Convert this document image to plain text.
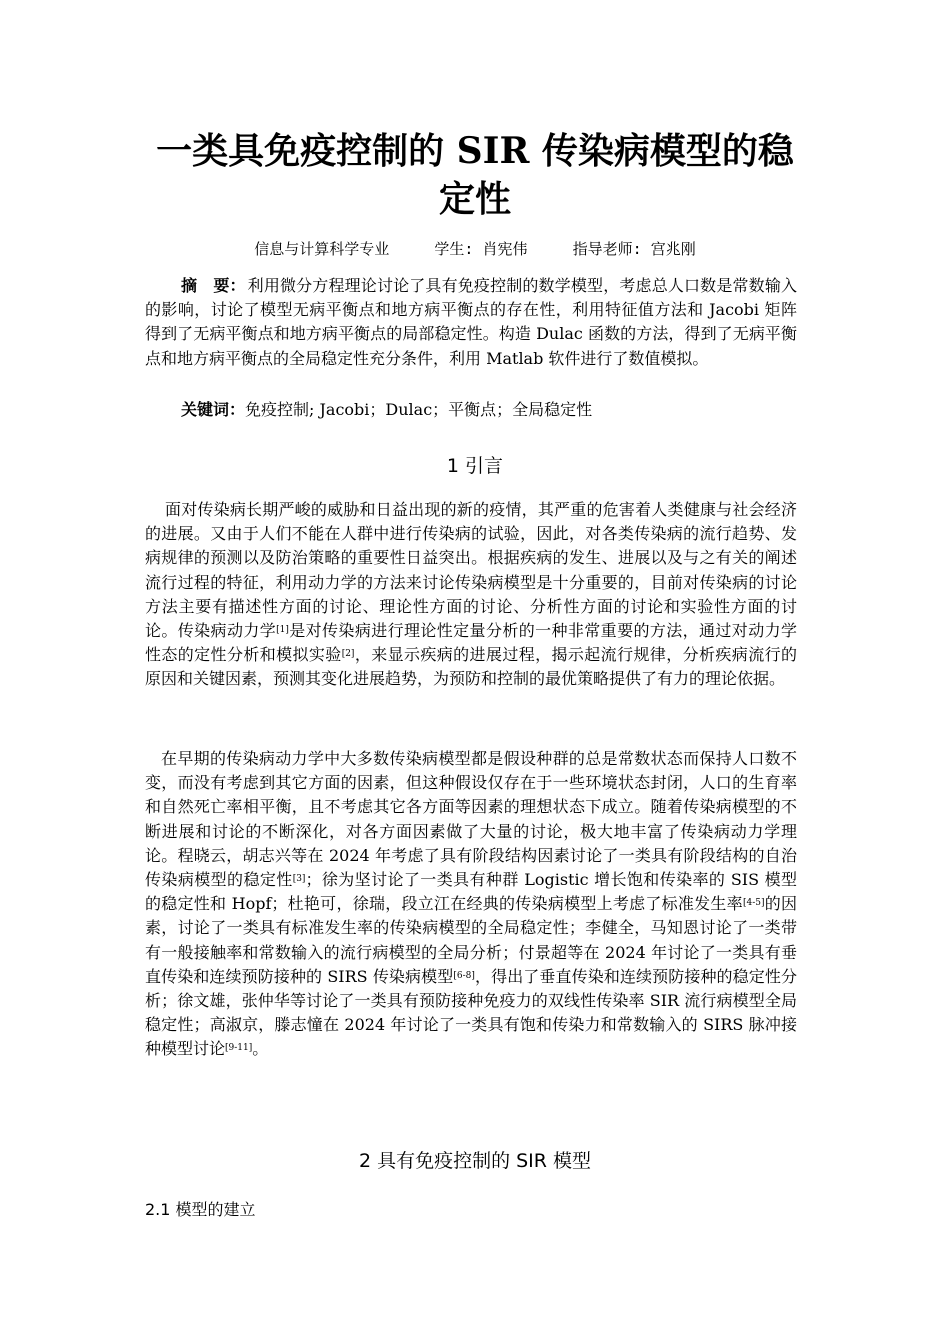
一类具免疫控制的 SIR 传染病模型的稳定性
信息与计算科学专业     学生: 肖宪伟     指导老师: 宫兆刚

摘　要： 利用微分方程理论讨论了具有免疫控制的数学模型，考虑总人口数是常数输入的影响，讨论了模型无病平衡点和地方病平衡点的存在性，利用特征值方法和 Jacobi 矩阵得到了无病平衡点和地方病平衡点的局部稳定性。构造 Dulac 函数的方法，得到了无病平衡点和地方病平衡点的全局稳定性充分条件，利用 Matlab 软件进行了数值模拟。

关键词：免疫控制; Jacobi；Dulac；平衡点；全局稳定性

1 引言

面对传染病长期严峻的威胁和日益出现的新的疫情，其严重的危害着人类健康与社会经济的进展。又由于人们不能在人群中进行传染病的试验，因此，对各类传染病的流行趋势、发病规律的预测以及防治策略的重要性日益突出。根据疾病的发生、进展以及与之有关的阐述流行过程的特征，利用动力学的方法来讨论传染病模型是十分重要的，目前对传染病的讨论方法主要有描述性方面的讨论、理论性方面的讨论、分析性方面的讨论和实验性方面的讨论。传染病动力学[1]是对传染病进行理论性定量分析的一种非常重要的方法，通过对动力学性态的定性分析和模拟实验[2]，来显示疾病的进展过程，揭示起流行规律，分析疾病流行的原因和关键因素，预测其变化进展趋势，为预防和控制的最优策略提供了有力的理论依据。

在早期的传染病动力学中大多数传染病模型都是假设种群的总是常数状态而保持人口数不变，而没有考虑到其它方面的因素，但这种假设仅存在于一些环境状态封闭，人口的生育率和自然死亡率相平衡，且不考虑其它各方面等因素的理想状态下成立。随着传染病模型的不断进展和讨论的不断深化，对各方面因素做了大量的讨论，极大地丰富了传染病动力学理论。程晓云，胡志兴等在 2024 年考虑了具有阶段结构因素讨论了一类具有阶段结构的自治传染病模型的稳定性[3]；徐为坚讨论了一类具有种群 Logistic 增长饱和传染率的 SIS 模型的稳定性和 Hopf；杜艳可，徐瑞，段立江在经典的传染病模型上考虑了标准发生率[4-5]的因素，讨论了一类具有标准发生率的传染病模型的全局稳定性；李健全，马知恩讨论了一类带有一般接触率和常数输入的流行病模型的全局分析；付景超等在 2024 年讨论了一类具有垂直传染和连续预防接种的 SIRS 传染病模型[6-8]，得出了垂直传染和连续预防接种的稳定性分析；徐文雄，张仲华等讨论了一类具有预防接种免疫力的双线性传染率 SIR 流行病模型全局稳定性；高淑京，滕志憧在 2024 年讨论了一类具有饱和传染力和常数输入的 SIRS 脉冲接种模型讨论[9-11]。

2 具有免疫控制的 SIR 模型
2.1 模型的建立
